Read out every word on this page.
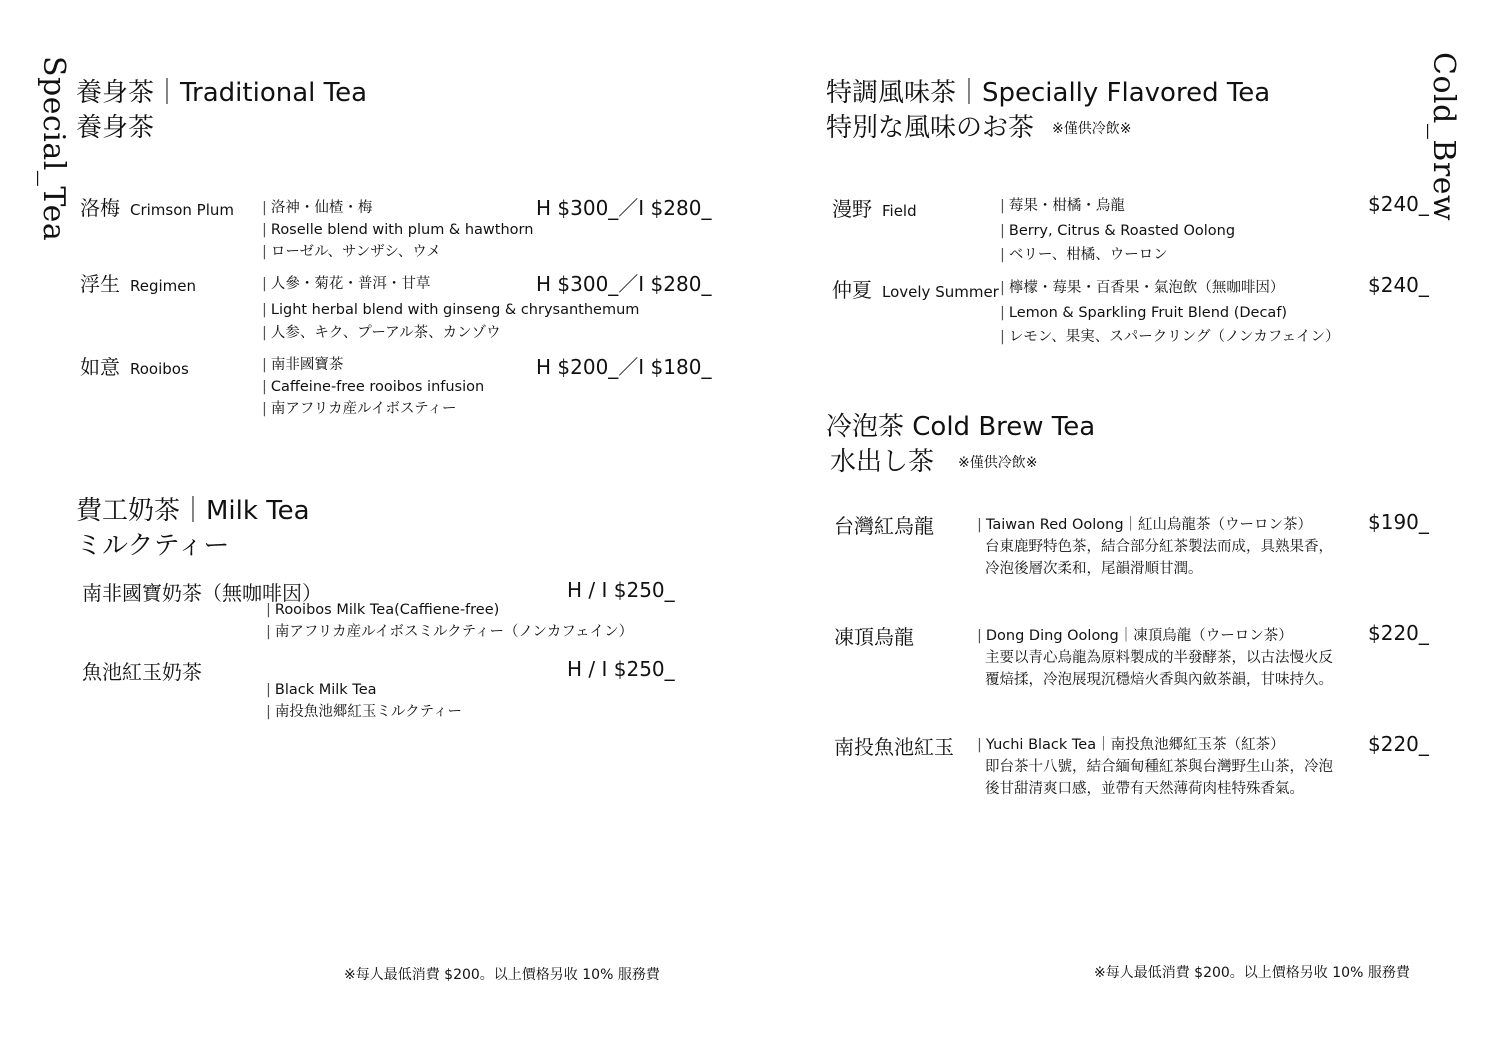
Special_Tea	Cold_Brew
養身茶｜Traditional Tea
養身茶
洛梅 Crimson Plum | 洛神・仙楂・梅
| Roselle blend with plum & hawthorn
| ローゼル、サンザシ、ウメ
H $300_／I $280_
浮生 Regimen	| 人參・菊花・普洱・甘草
| Light herbal blend with ginseng & chrysanthemum
| 人参、キク、プーアル茶、カンゾウ
H $300_／I $280_
如意 Rooibos	| 南非國寶茶
| Caffeine-free rooibos infusion
| 南アフリカ産ルイボスティー
H $200_／I $180_
費工奶茶｜Milk Tea
ミルクティー
南非國寶奶茶（無咖啡因）
| Rooibos Milk Tea(Caffiene-free)
| 南アフリカ産ルイボスミルクティー（ノンカフェイン）
H / I $250_
魚池紅玉奶茶
| Black Milk Tea
| 南投魚池郷紅玉ミルクティー
H / I $250_
※每人最低消費 $200。以上價格另收 10% 服務費
特調風味茶｜Specially Flavored Tea
特別な風味のお茶 ※僅供冷飲※
漫野 Field	| 莓果・柑橘・烏龍
| Berry, Citrus & Roasted Oolong
| ベリー、柑橘、ウーロン
$240_
仲夏 Lovely Summer | 檸檬・莓果・百香果・氣泡飲（無咖啡因）
| Lemon & Sparkling Fruit Blend (Decaf)
| レモン、果実、スパークリング（ノンカフェイン）
$240_
冷泡茶 Cold Brew Tea
水出し茶 ※僅供冷飲※
台灣紅烏龍	| Taiwan Red Oolong｜紅山烏龍茶（ウーロン茶）
台東鹿野特色茶，結合部分紅茶製法而成，具熟果香，
冷泡後層次柔和，尾韻滑順甘潤。
$190_
凍頂烏龍	| Dong Ding Oolong｜凍頂烏龍（ウーロン茶）
主要以青心烏龍為原料製成的半發酵茶，以古法慢火反
覆焙揉，冷泡展現沉穩焙火香與內斂茶韻，甘味持久。
$220_
南投魚池紅玉 | Yuchi Black Tea｜南投魚池郷紅玉茶（紅茶）
即台茶十八號，結合緬甸種紅茶與台灣野生山茶，冷泡
後甘甜清爽口感，並帶有天然薄荷肉桂特殊香氣。
$220_
※每人最低消費 $200。以上價格另收 10% 服務費
